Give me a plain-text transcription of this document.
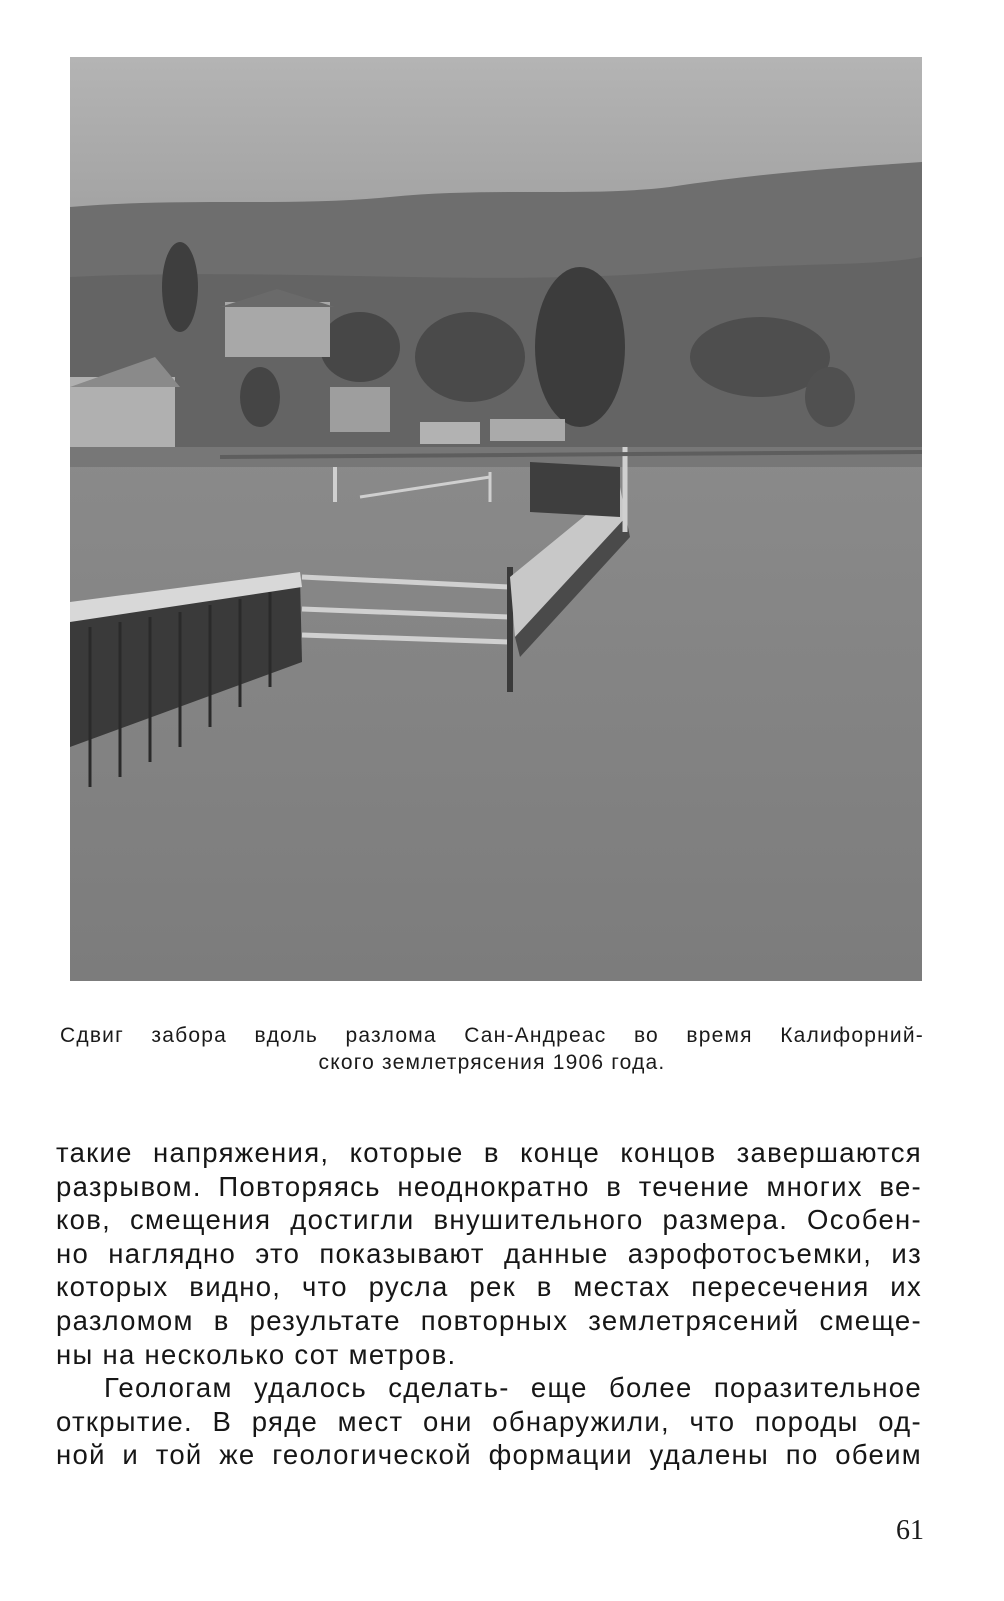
Сдвиг забора вдоль разлома Сан-Андреас во время Калифорний-
ского землетрясения 1906 года.
такие напряжения, которые в конце концов завершаются
разрывом. Повторяясь неоднократно в течение многих ве-
ков, смещения достигли внушительного размера. Особен-
но наглядно это показывают данные аэрофотосъемки, из
которых видно, что русла рек в местах пересечения их
разломом в результате повторных землетрясений смеще-
ны на несколько сот метров.
Геологам удалось сделать- еще более поразительное
открытие. В ряде мест они обнаружили, что породы од-
ной и той же геологической формации удалены по обеим
61
